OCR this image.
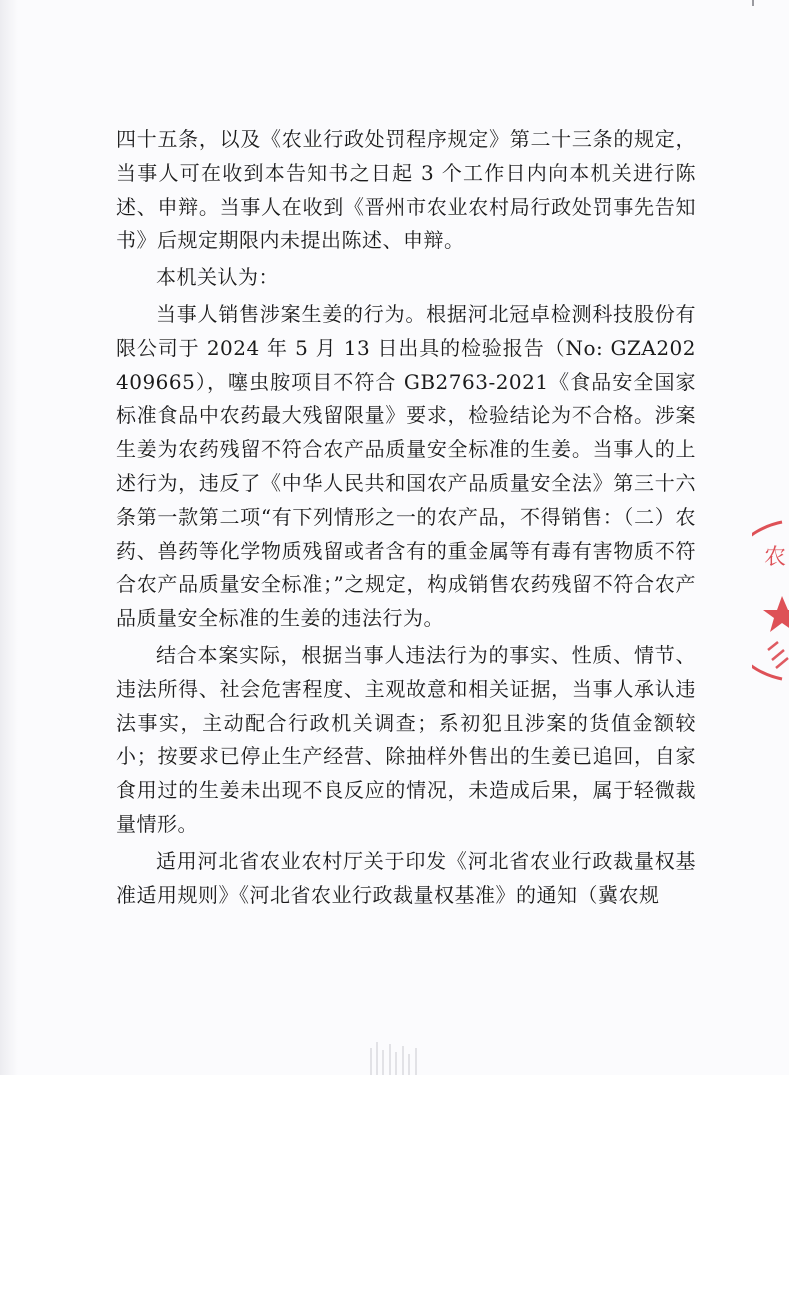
四十五条，以及《农业行政处罚程序规定》第二十三条的规定，当事人可在收到本告知书之日起 3 个工作日内向本机关进行陈述、申辩。当事人在收到《晋州市农业农村局行政处罚事先告知书》后规定期限内未提出陈述、申辩。

本机关认为：

当事人销售涉案生姜的行为。根据河北冠卓检测科技股份有限公司于 2024 年 5 月 13 日出具的检验报告（No: GZA202409665），噻虫胺项目不符合 GB2763-2021《食品安全国家标准食品中农药最大残留限量》要求，检验结论为不合格。涉案生姜为农药残留不符合农产品质量安全标准的生姜。当事人的上述行为，违反了《中华人民共和国农产品质量安全法》第三十六条第一款第二项“有下列情形之一的农产品，不得销售：（二）农药、兽药等化学物质残留或者含有的重金属等有毒有害物质不符合农产品质量安全标准；”之规定，构成销售农药残留不符合农产品质量安全标准的生姜的违法行为。

结合本案实际，根据当事人违法行为的事实、性质、情节、违法所得、社会危害程度、主观故意和相关证据，当事人承认违法事实，主动配合行政机关调查；系初犯且涉案的货值金额较小；按要求已停止生产经营、除抽样外售出的生姜已追回，自家食用过的生姜未出现不良反应的情况，未造成后果，属于轻微裁量情形。

适用河北省农业农村厅关于印发《河北省农业行政裁量权基准适用规则》《河北省农业行政裁量权基准》的通知（冀农规

农
